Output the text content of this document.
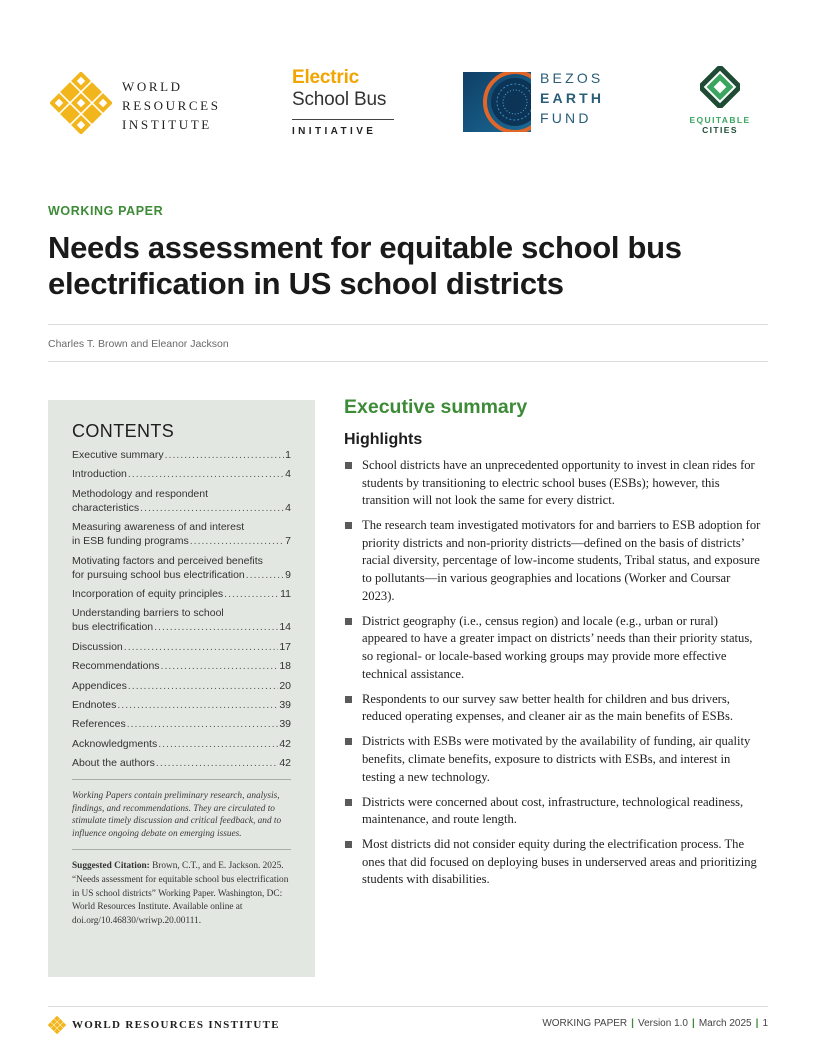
WORLD
RESOURCES
INSTITUTE
Electric
School Bus
INITIATIVE
BEZOS
EARTH
FUND	EQUITABLE
CITIES
WORKING PAPER
Needs assessment for equitable school bus electrification in US school districts
Charles T. Brown and Eleanor Jackson
CONTENTS
Executive summary .....	1
Introduction .....	4
Methodology and respondent
characteristics .....	4
Measuring awareness of and interest
in ESB funding programs .....	7
Motivating factors and perceived benefits
for pursuing school bus electrification .....	9
Incorporation of equity principles .....	11
Understanding barriers to school
bus electrification .....	14
Discussion .....	17
Recommendations .....	18
Appendices .....	20
Endnotes .....	39
References .....	39
Acknowledgments .....	42
About the authors .....	42

Working Papers contain preliminary research, analysis, findings, and recommendations. They are circulated to stimulate timely discussion and critical feedback, and to influence ongoing debate on emerging issues.

Suggested Citation: Brown, C.T., and E. Jackson. 2025. “Needs assessment for equitable school bus electrification in US school districts” Working Paper. Washington, DC: World Resources Institute. Available online at doi.org/10.46830/wriwp.20.00111.

Executive summary
Highlights
School districts have an unprecedented opportunity to invest in clean rides for students by transitioning to electric school buses (ESBs); however, this transition will not look the same for every district.
The research team investigated motivators for and barriers to ESB adoption for priority districts and non-priority districts—defined on the basis of districts’ racial diversity, percentage of low-income students, Tribal status, and exposure to pollutants—in various geographies and locations (Worker and Coursar 2023).
District geography (i.e., census region) and locale (e.g., urban or rural) appeared to have a greater impact on districts’ needs than their priority status, so regional- or locale-based working groups may provide more effective technical assistance.
Respondents to our survey saw better health for children and bus drivers, reduced operating expenses, and cleaner air as the main benefits of ESBs.
Districts with ESBs were motivated by the availability of funding, air quality benefits, climate benefits, exposure to districts with ESBs, and interest in testing a new technology.
Districts were concerned about cost, infrastructure, technological readiness, maintenance, and route length.
Most districts did not consider equity during the electrification process. The ones that did focused on deploying buses in underserved areas and prioritizing students with disabilities.
WORLD RESOURCES INSTITUTE	WORKING PAPER | Version 1.0 | March 2025 | 1
